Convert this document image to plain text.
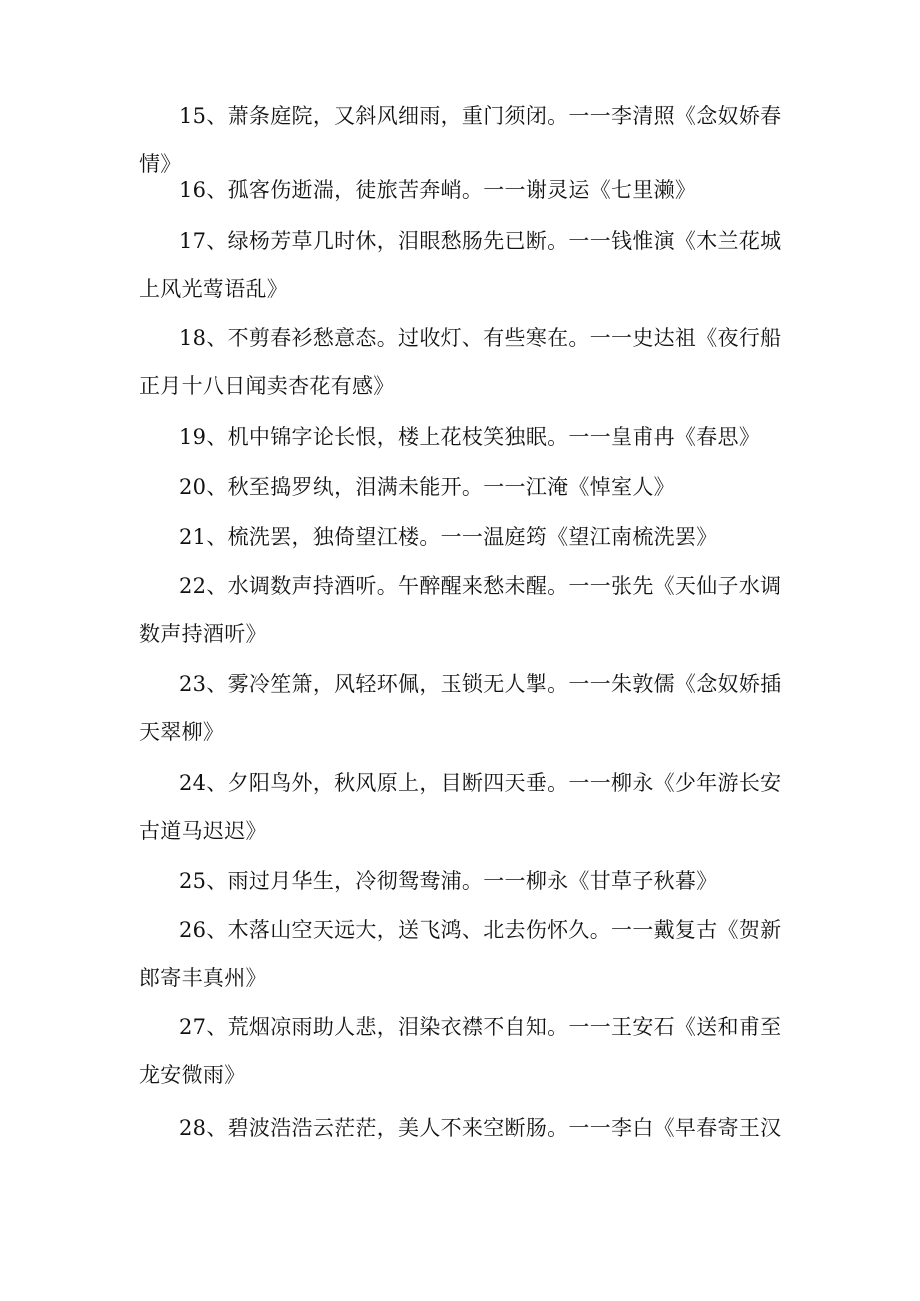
15、萧条庭院，又斜风细雨，重门须闭。一一李清照《念奴娇春
情》
16、孤客伤逝湍，徒旅苦奔峭。一一谢灵运《七里濑》
17、绿杨芳草几时休，泪眼愁肠先已断。一一钱惟演《木兰花城
上风光莺语乱》
18、不剪春衫愁意态。过收灯、有些寒在。一一史达祖《夜行船
正月十八日闻卖杏花有感》
19、机中锦字论长恨，楼上花枝笑独眠。一一皇甫冉《春思》
20、秋至捣罗纨，泪满未能开。一一江淹《悼室人》
21、梳洗罢，独倚望江楼。一一温庭筠《望江南梳洗罢》
22、水调数声持酒听。午醉醒来愁未醒。一一张先《天仙子水调
数声持酒听》
23、雾冷笙箫，风轻环佩，玉锁无人掣。一一朱敦儒《念奴娇插
天翠柳》
24、夕阳鸟外，秋风原上，目断四天垂。一一柳永《少年游长安
古道马迟迟》
25、雨过月华生，冷彻鸳鸯浦。一一柳永《甘草子秋暮》
26、木落山空天远大，送飞鸿、北去伤怀久。一一戴复古《贺新
郎寄丰真州》
27、荒烟凉雨助人悲，泪染衣襟不自知。一一王安石《送和甫至
龙安微雨》
28、碧波浩浩云茫茫，美人不来空断肠。一一李白《早春寄王汉
